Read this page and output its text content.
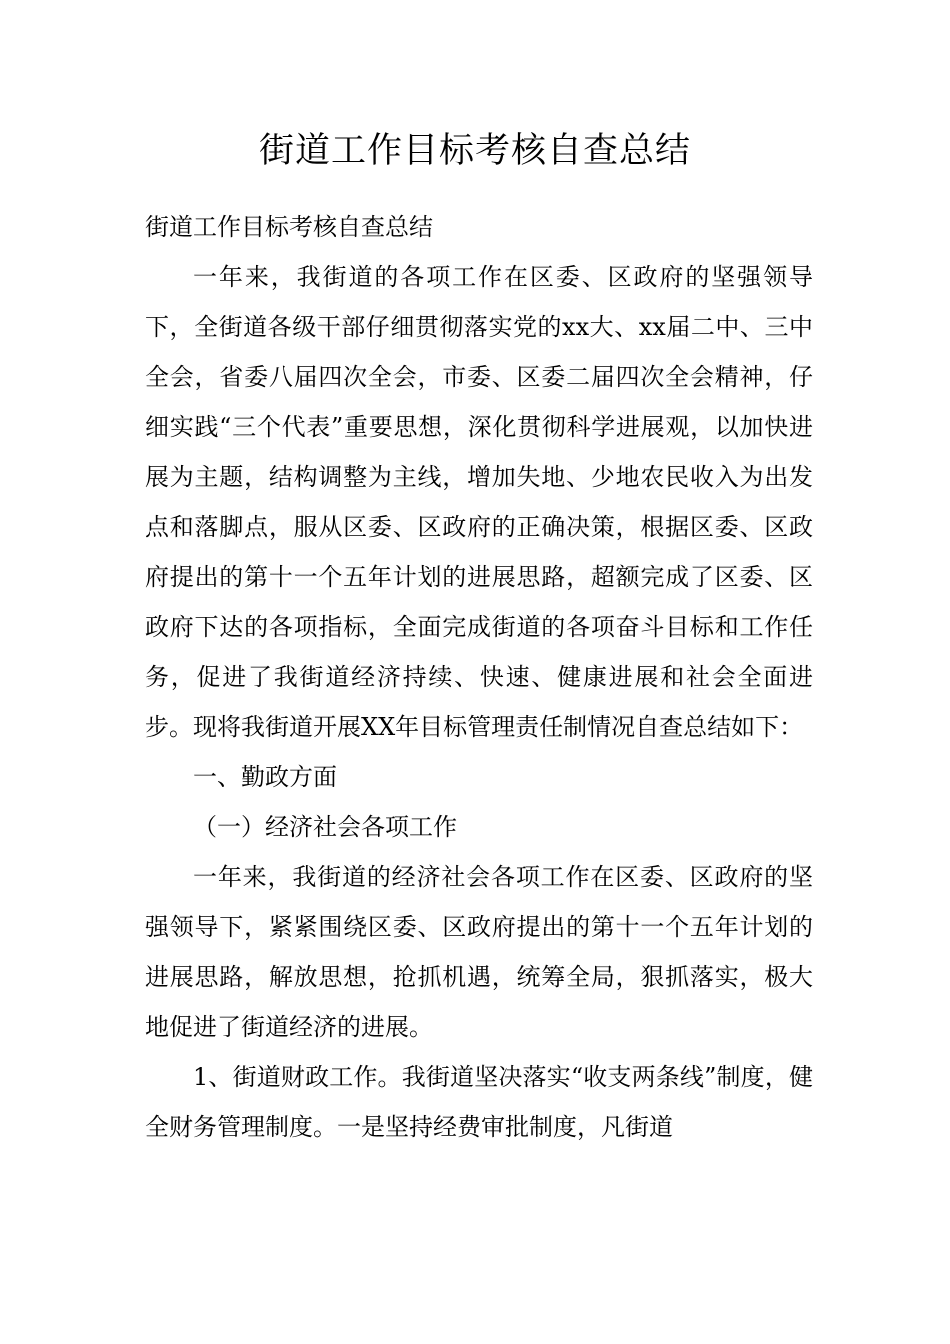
街道工作目标考核自查总结

街道工作目标考核自查总结

一年来，我街道的各项工作在区委、区政府的坚强领导下，全街道各级干部仔细贯彻落实党的xx大、xx届二中、三中全会，省委八届四次全会，市委、区委二届四次全会精神，仔细实践“三个代表”重要思想，深化贯彻科学进展观，以加快进展为主题，结构调整为主线，增加失地、少地农民收入为出发点和落脚点，服从区委、区政府的正确决策，根据区委、区政府提出的第十一个五年计划的进展思路，超额完成了区委、区政府下达的各项指标，全面完成街道的各项奋斗目标和工作任务，促进了我街道经济持续、快速、健康进展和社会全面进步。现将我街道开展XX年目标管理责任制情况自查总结如下：

一、勤政方面

（一）经济社会各项工作

一年来，我街道的经济社会各项工作在区委、区政府的坚强领导下，紧紧围绕区委、区政府提出的第十一个五年计划的进展思路，解放思想，抢抓机遇，统筹全局，狠抓落实，极大地促进了街道经济的进展。

1、街道财政工作。我街道坚决落实“收支两条线”制度，健全财务管理制度。一是坚持经费审批制度，凡街道
